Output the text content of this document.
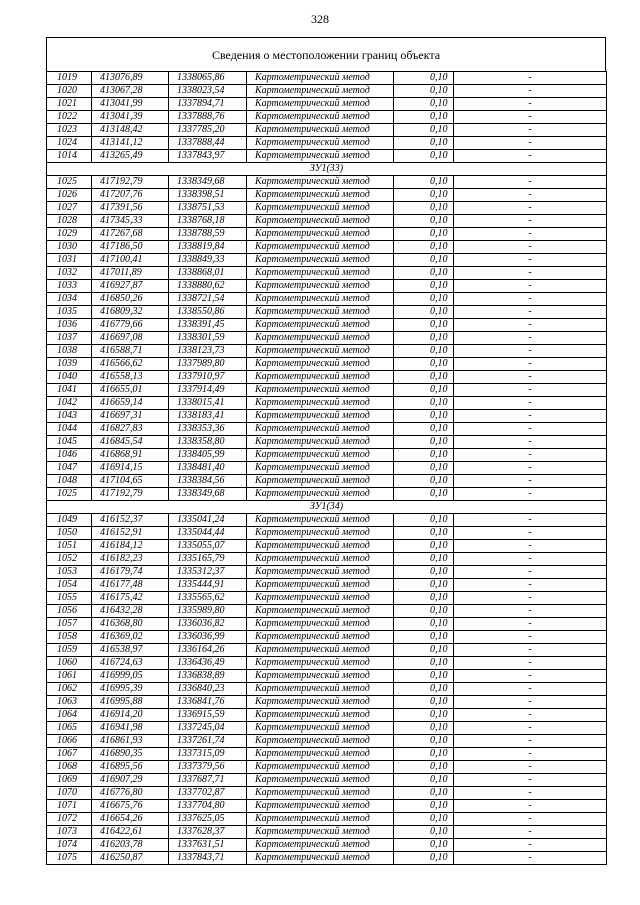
328
Сведения о местоположении границ объекта
1019	413076,89	1338065,86	Картометрический метод	0,10	-
1020	413067,28	1338023,54	Картометрический метод	0,10	-
1021	413041,99	1337894,71	Картометрический метод	0,10	-
1022	413041,39	1337888,76	Картометрический метод	0,10	-
1023	413148,42	1337785,20	Картометрический метод	0,10	-
1024	413141,12	1337888,44	Картометрический метод	0,10	-
1014	413265,49	1337843,97	Картометрический метод	0,10	-
ЗУ1(33)					
1025	417192,79	1338349,68	Картометрический метод	0,10	-
1026	417207,76	1338398,51	Картометрический метод	0,10	-
1027	417391,56	1338751,53	Картометрический метод	0,10	-
1028	417345,33	1338768,18	Картометрический метод	0,10	-
1029	417267,68	1338788,59	Картометрический метод	0,10	-
1030	417186,50	1338819,84	Картометрический метод	0,10	-
1031	417100,41	1338849,33	Картометрический метод	0,10	-
1032	417011,89	1338868,01	Картометрический метод	0,10	-
1033	416927,87	1338880,62	Картометрический метод	0,10	-
1034	416850,26	1338721,54	Картометрический метод	0,10	-
1035	416809,32	1338550,86	Картометрический метод	0,10	-
1036	416779,66	1338391,45	Картометрический метод	0,10	-
1037	416697,08	1338301,59	Картометрический метод	0,10	-
1038	416588,71	1338123,73	Картометрический метод	0,10	-
1039	416566,62	1337989,80	Картометрический метод	0,10	-
1040	416558,13	1337910,97	Картометрический метод	0,10	-
1041	416655,01	1337914,49	Картометрический метод	0,10	-
1042	416659,14	1338015,41	Картометрический метод	0,10	-
1043	416697,31	1338183,41	Картометрический метод	0,10	-
1044	416827,83	1338353,36	Картометрический метод	0,10	-
1045	416845,54	1338358,80	Картометрический метод	0,10	-
1046	416868,91	1338405,99	Картометрический метод	0,10	-
1047	416914,15	1338481,40	Картометрический метод	0,10	-
1048	417104,65	1338384,56	Картометрический метод	0,10	-
1025	417192,79	1338349,68	Картометрический метод	0,10	-
ЗУ1(34)					
1049	416152,37	1335041,24	Картометрический метод	0,10	-
1050	416152,91	1335044,44	Картометрический метод	0,10	-
1051	416184,12	1335055,07	Картометрический метод	0,10	-
1052	416182,23	1335165,79	Картометрический метод	0,10	-
1053	416179,74	1335312,37	Картометрический метод	0,10	-
1054	416177,48	1335444,91	Картометрический метод	0,10	-
1055	416175,42	1335565,62	Картометрический метод	0,10	-
1056	416432,28	1335989,80	Картометрический метод	0,10	-
1057	416368,80	1336036,82	Картометрический метод	0,10	-
1058	416369,02	1336036,99	Картометрический метод	0,10	-
1059	416538,97	1336164,26	Картометрический метод	0,10	-
1060	416724,63	1336436,49	Картометрический метод	0,10	-
1061	416999,05	1336838,89	Картометрический метод	0,10	-
1062	416995,39	1336840,23	Картометрический метод	0,10	-
1063	416995,88	1336841,76	Картометрический метод	0,10	-
1064	416914,20	1336915,59	Картометрический метод	0,10	-
1065	416941,98	1337245,04	Картометрический метод	0,10	-
1066	416861,93	1337261,74	Картометрический метод	0,10	-
1067	416890,35	1337315,09	Картометрический метод	0,10	-
1068	416895,56	1337379,56	Картометрический метод	0,10	-
1069	416907,29	1337687,71	Картометрический метод	0,10	-
1070	416776,80	1337702,87	Картометрический метод	0,10	-
1071	416675,76	1337704,80	Картометрический метод	0,10	-
1072	416654,26	1337625,05	Картометрический метод	0,10	-
1073	416422,61	1337628,37	Картометрический метод	0,10	-
1074	416203,78	1337631,51	Картометрический метод	0,10	-
1075	416250,87	1337843,71	Картометрический метод	0,10	-
